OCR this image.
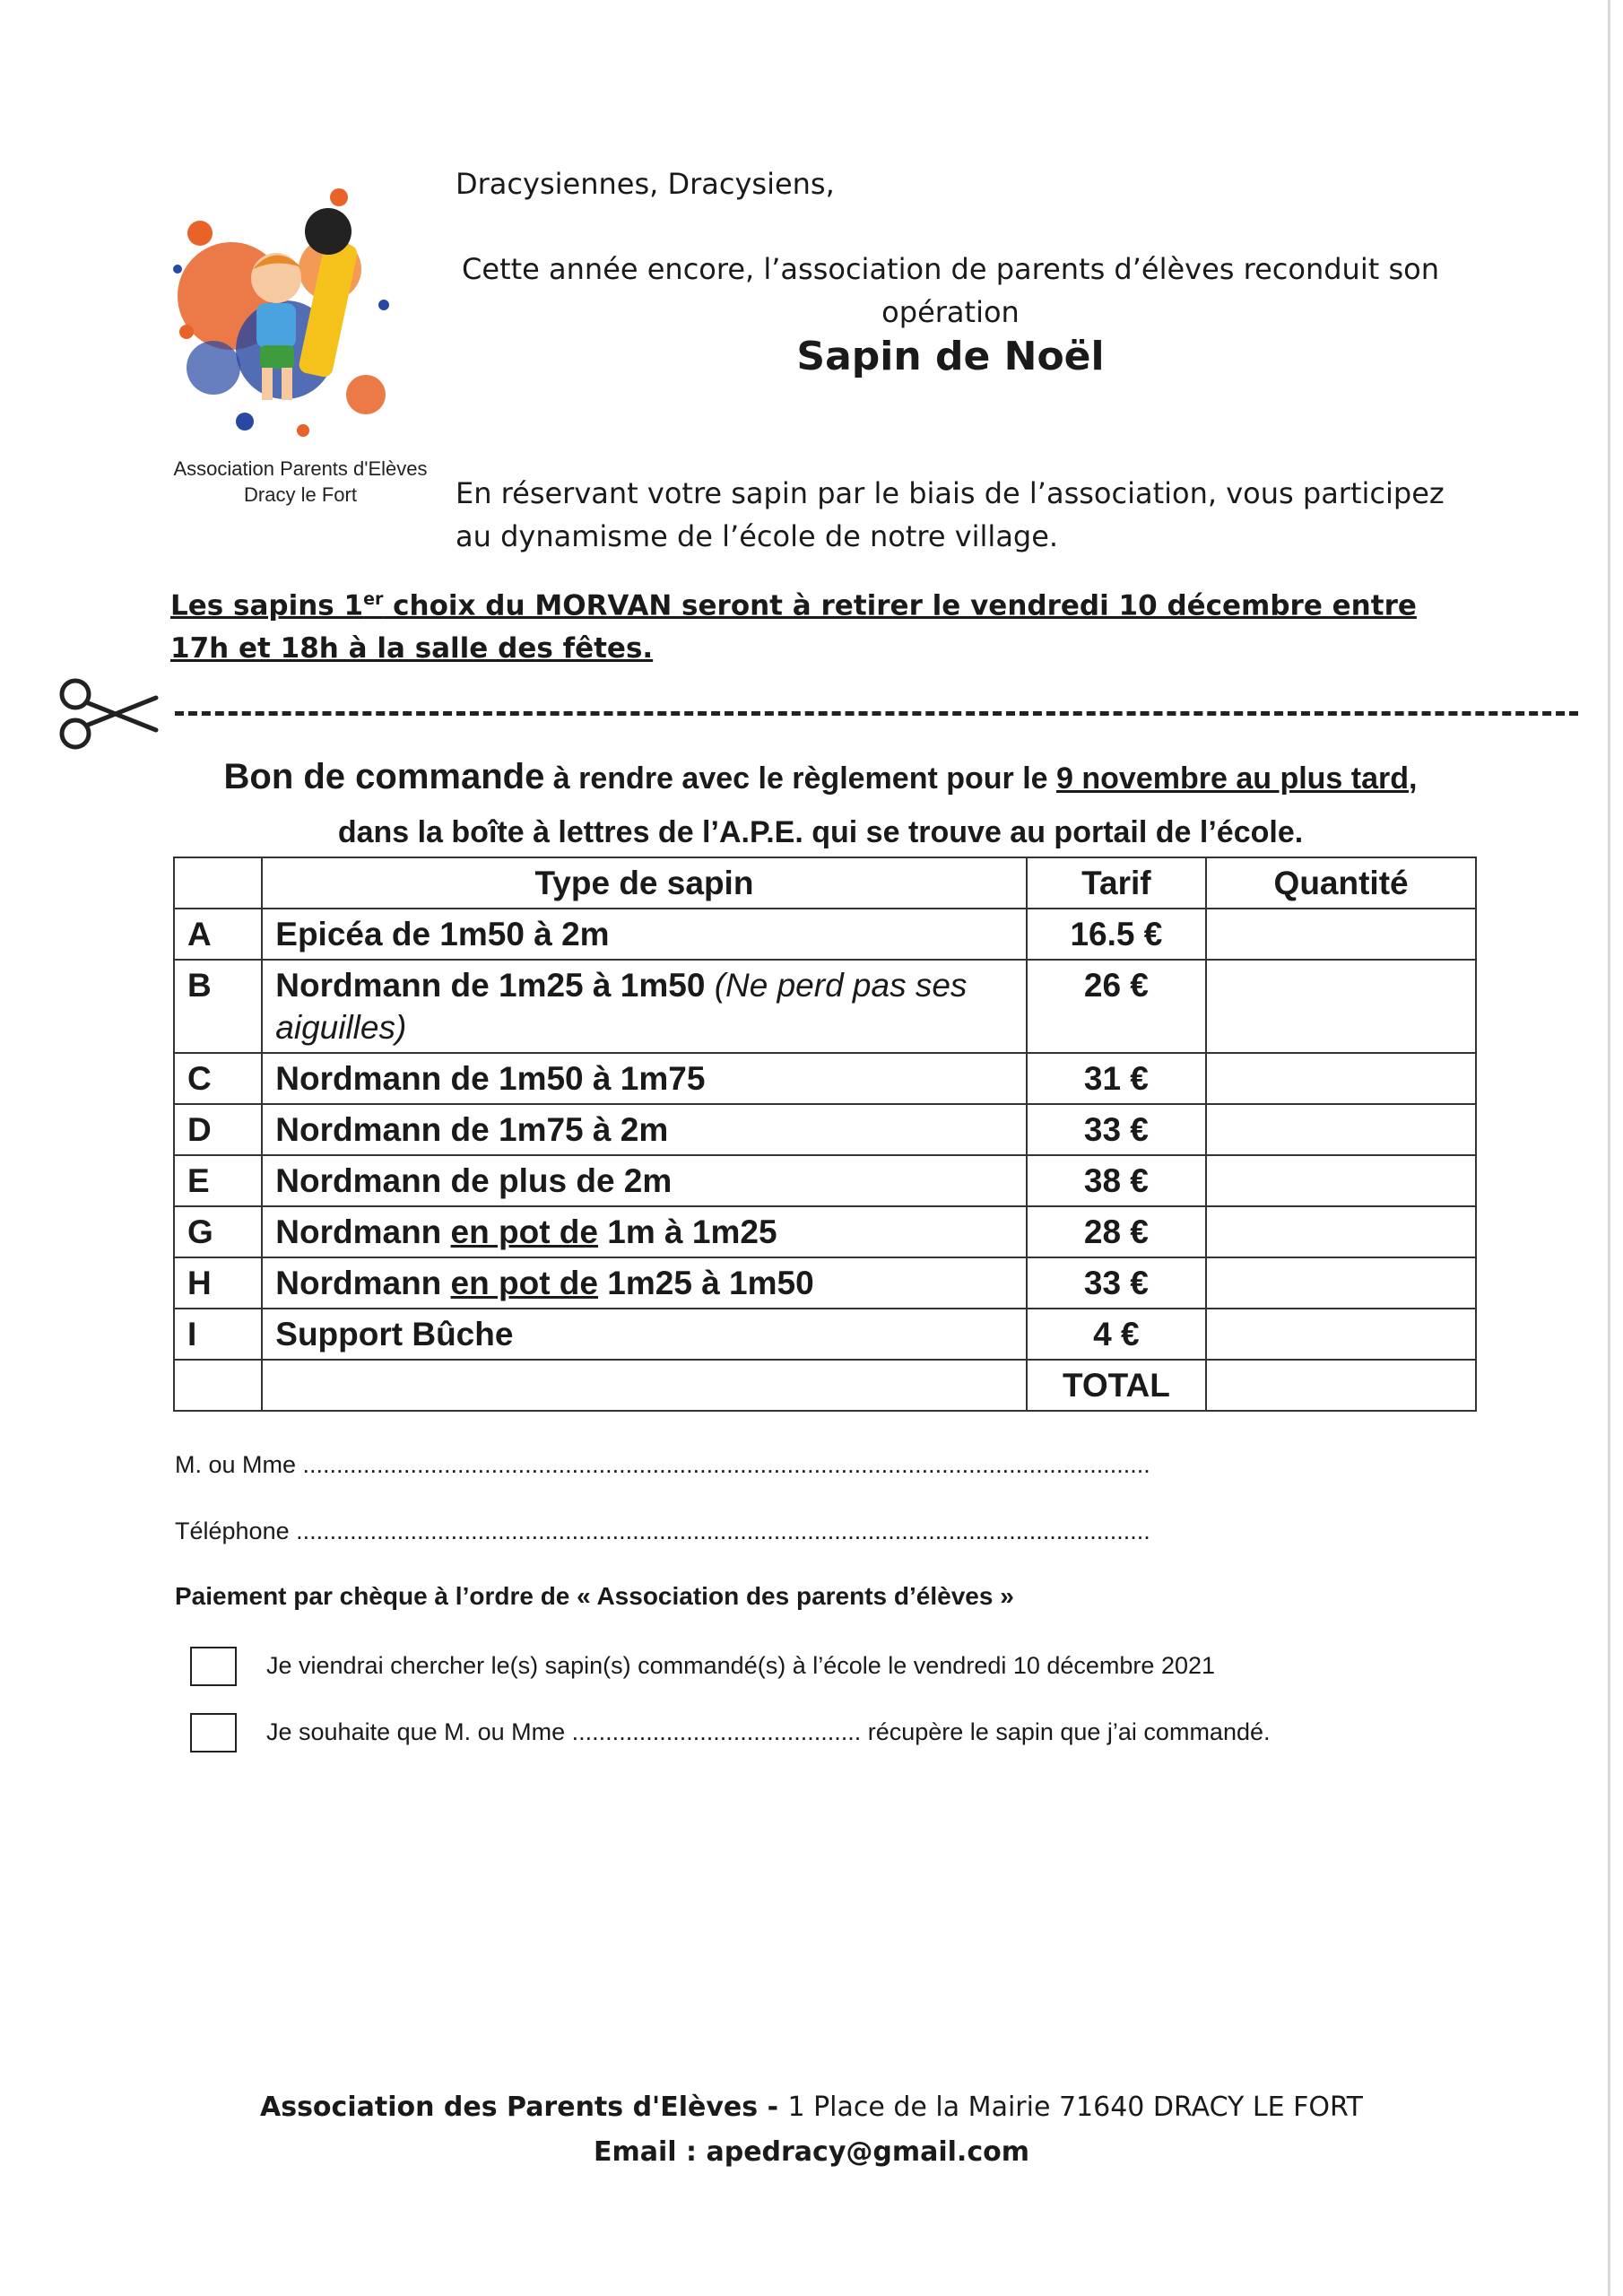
Association Parents d'Elèves
Dracy le Fort
Dracysiennes, Dracysiens,
Cette année encore, l’association de parents d’élèves reconduit son opération
Sapin de Noël
En réservant votre sapin par le biais de l’association, vous participez au dynamisme de l’école de notre village.
Les sapins 1er choix du MORVAN seront à retirer le vendredi 10 décembre entre 17h et 18h à la salle des fêtes.
Bon de commande à rendre avec le règlement pour le 9 novembre au plus tard,
dans la boîte à lettres de l’A.P.E. qui se trouve au portail de l’école.
	Type de sapin	Tarif	Quantité
A	Epicéa de 1m50 à 2m	16.5 €	
B	Nordmann de 1m25 à 1m50 (Ne perd pas ses aiguilles)	26 €	
C	Nordmann de 1m50 à 1m75	31 €	
D	Nordmann de 1m75 à 2m	33 €	
E	Nordmann de plus de 2m	38 €	
G	Nordmann en pot de 1m à 1m25	28 €	
H	Nordmann en pot de 1m25 à 1m50	33 €	
I	Support Bûche	4 €	
		TOTAL	
M. ou Mme ..............................................................................................................................
Téléphone ...............................................................................................................................
Paiement par chèque à l’ordre de « Association des parents d’élèves »
Je viendrai chercher le(s) sapin(s) commandé(s) à l’école le vendredi 10 décembre 2021
Je souhaite que M. ou Mme ........................................... récupère le sapin que j’ai commandé.
Association des Parents d'Elèves - 1 Place de la Mairie 71640 DRACY LE FORT
Email : apedracy@gmail.com
